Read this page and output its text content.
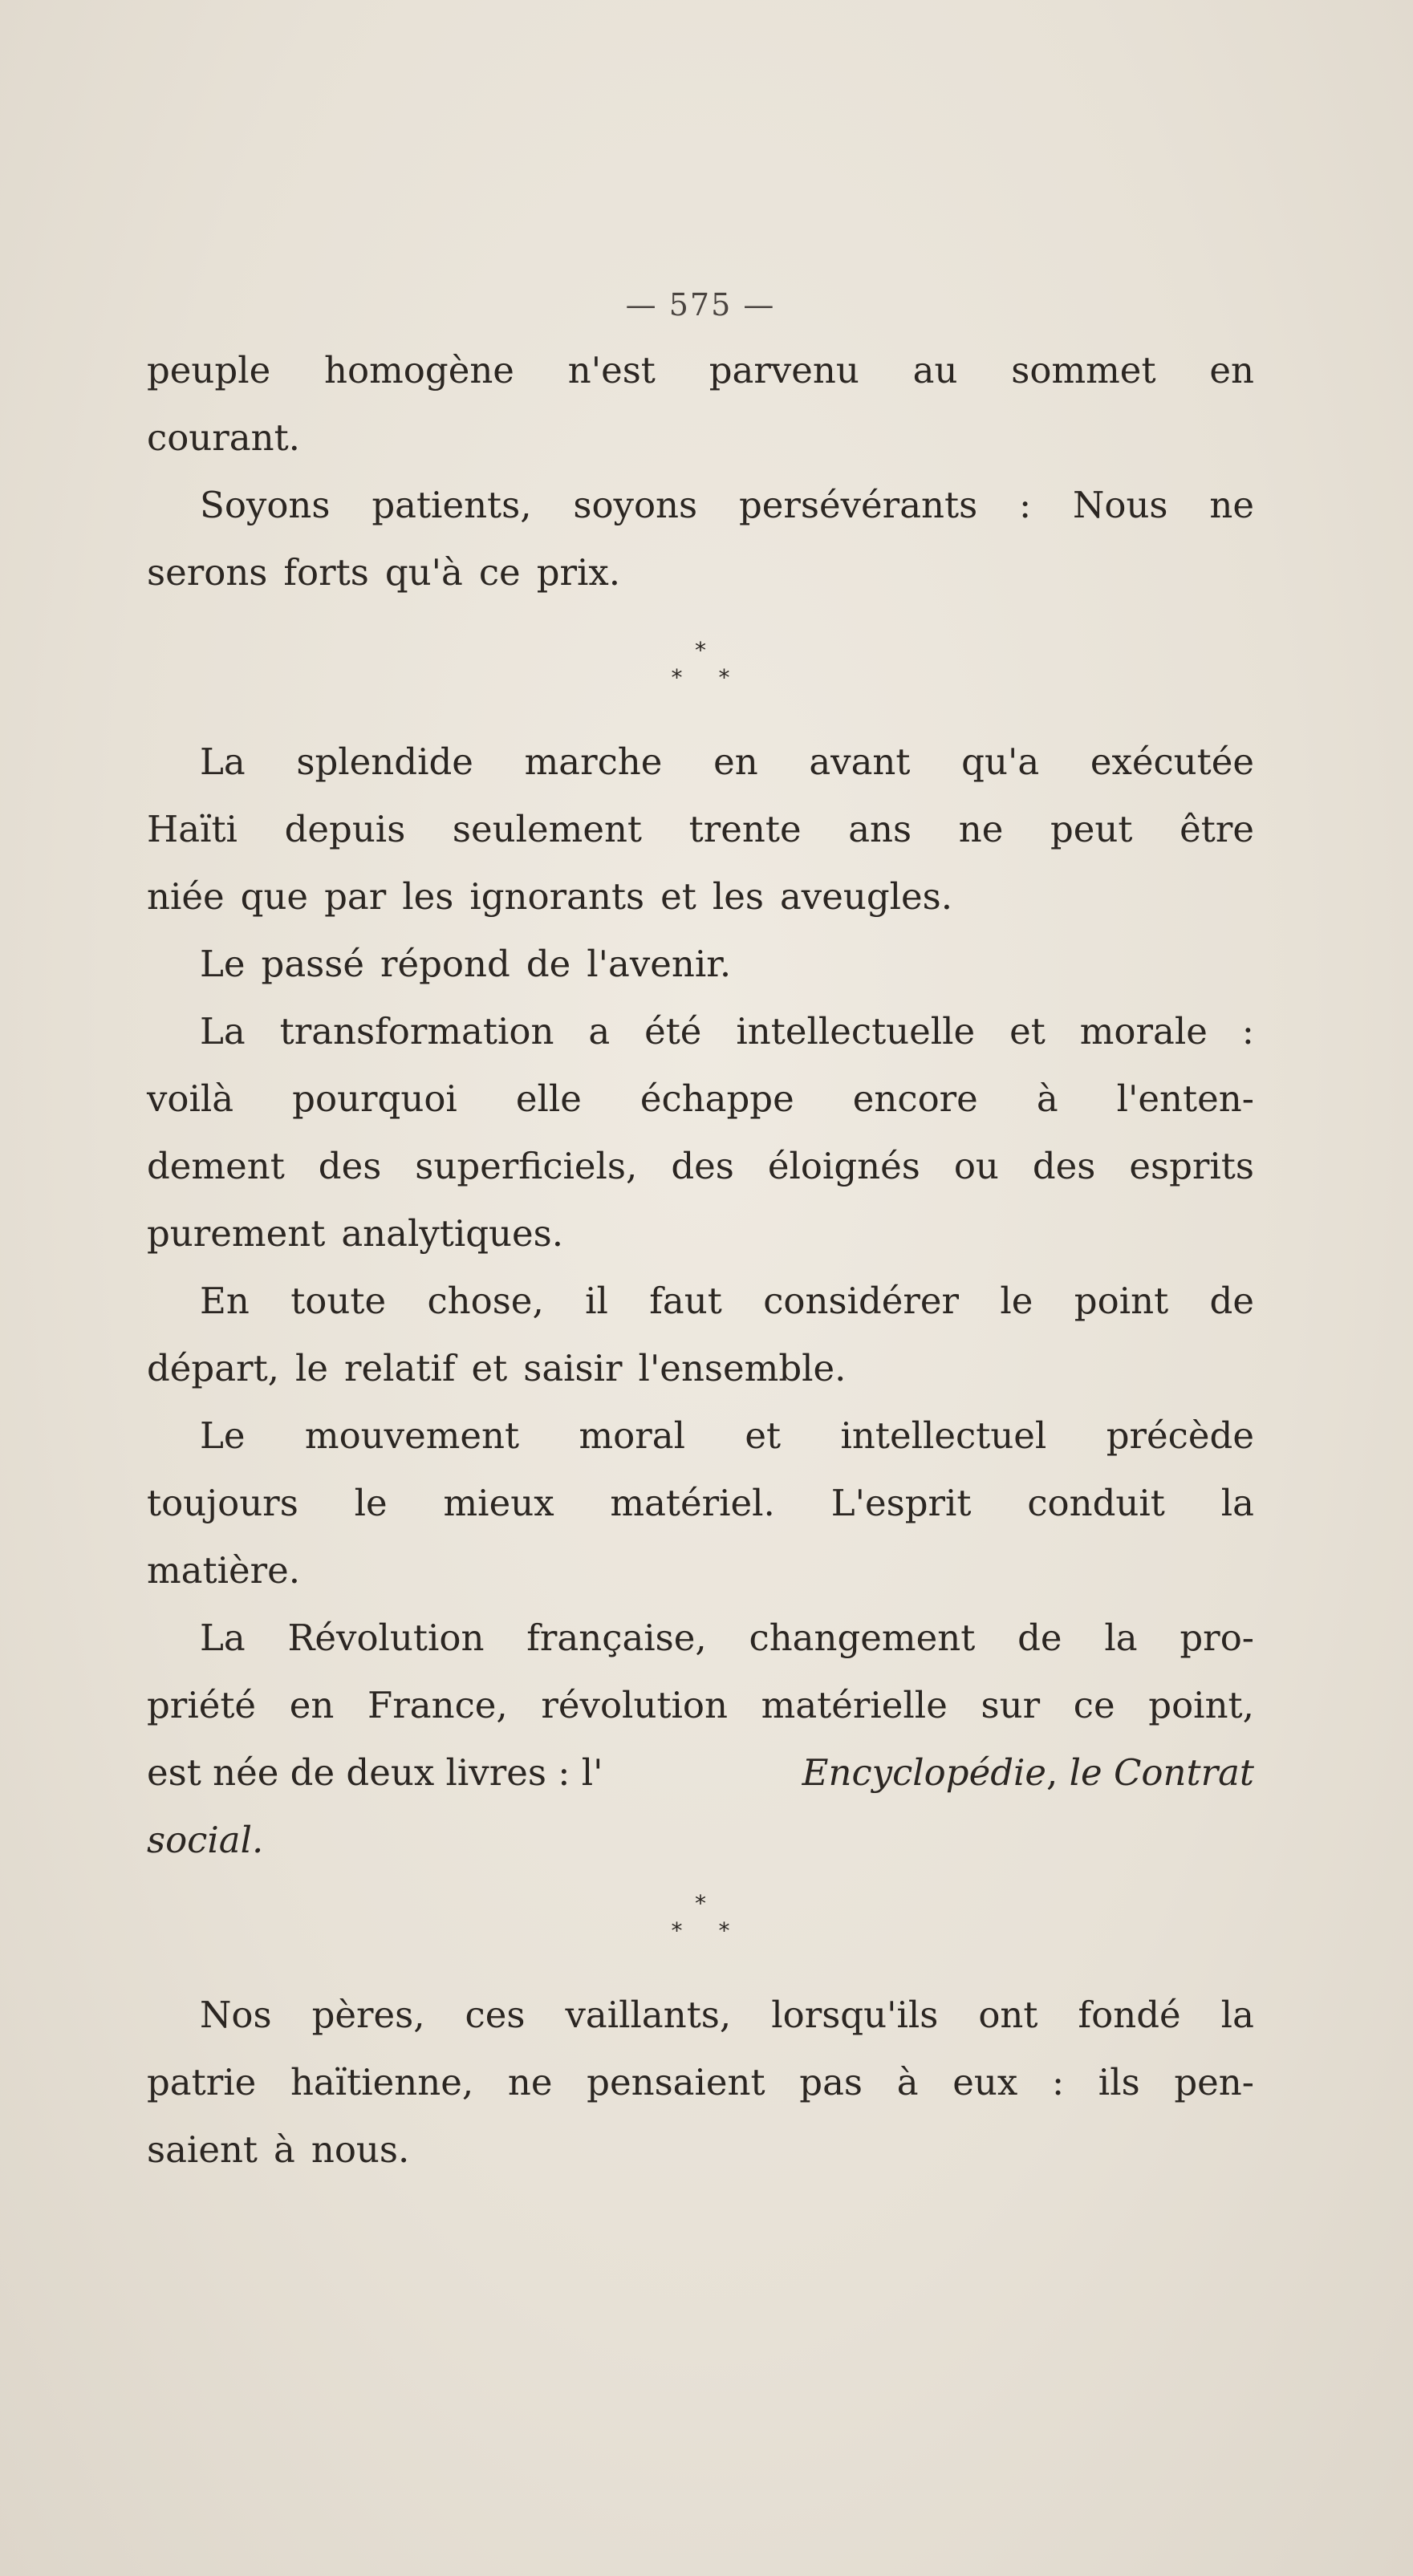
— 575 —
peuple homogène n'est parvenu au sommet en
courant.
Soyons patients, soyons persévérants : Nous ne
serons forts qu'à ce prix.
*
* *
La splendide marche en avant qu'a exécutée
Haïti depuis seulement trente ans ne peut être
niée que par les ignorants et les aveugles.
Le passé répond de l'avenir.
La transformation a été intellectuelle et morale :
voilà pourquoi elle échappe encore à l'enten-
dement des superficiels, des éloignés ou des esprits
purement analytiques.
En toute chose, il faut considérer le point de
départ, le relatif et saisir l'ensemble.
Le mouvement moral et intellectuel précède
toujours le mieux matériel. L'esprit conduit la
matière.
La Révolution française, changement de la pro-
priété en France, révolution matérielle sur ce point,
est née de deux livres : l'	Encyclopédie, le Contrat
social.
*
* *
Nos pères, ces vaillants, lorsqu'ils ont fondé la
patrie haïtienne, ne pensaient pas à eux : ils pen-
saient à nous.
